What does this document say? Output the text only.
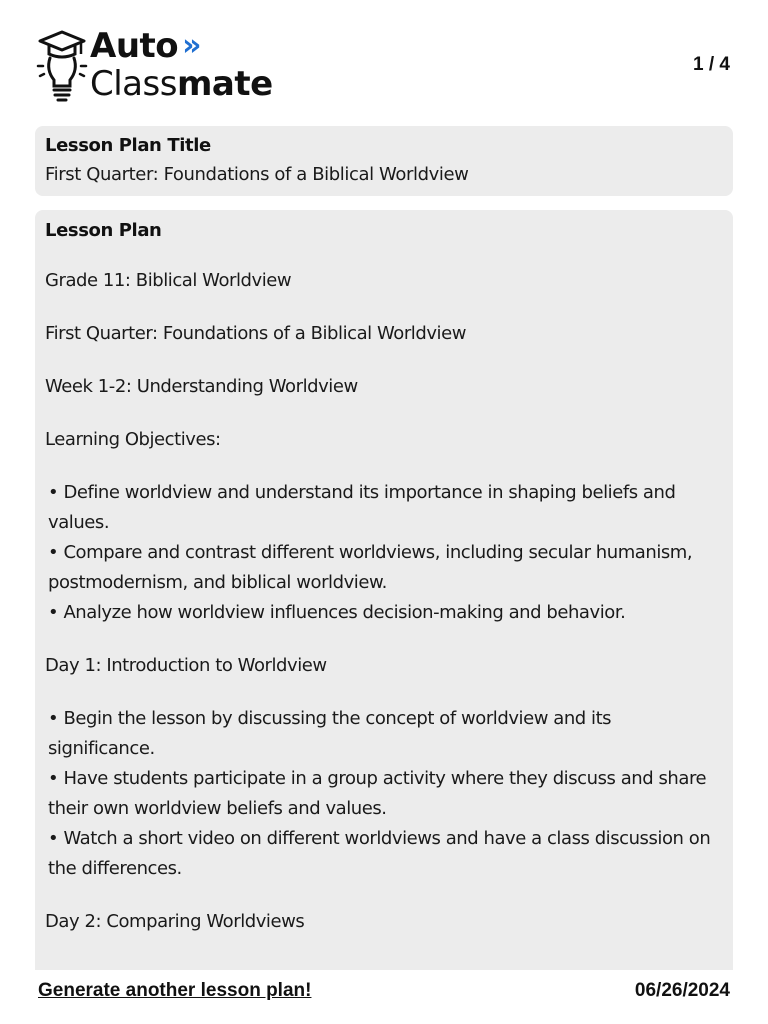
Auto »
Classmate	1 / 4
Lesson Plan Title
First Quarter: Foundations of a Biblical Worldview
Lesson Plan

Grade 11: Biblical Worldview

First Quarter: Foundations of a Biblical Worldview

Week 1-2: Understanding Worldview

Learning Objectives:

• Define worldview and understand its importance in shaping beliefs and values.

• Compare and contrast different worldviews, including secular humanism, postmodernism, and biblical worldview.

• Analyze how worldview influences decision-making and behavior.

Day 1: Introduction to Worldview

• Begin the lesson by discussing the concept of worldview and its significance.

• Have students participate in a group activity where they discuss and share their own worldview beliefs and values.

• Watch a short video on different worldviews and have a class discussion on the differences.

Day 2: Comparing Worldviews

Generate another lesson plan!	06/26/2024
